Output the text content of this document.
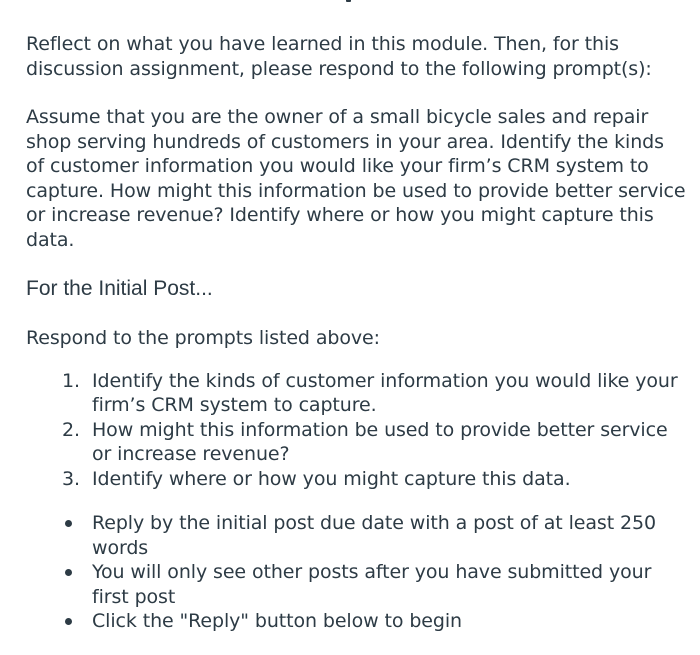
Reflect on what you have learned in this module. Then, for this discussion assignment, please respond to the following prompt(s):

Assume that you are the owner of a small bicycle sales and repair shop serving hundreds of customers in your area. Identify the kinds of customer information you would like your firm’s CRM system to capture. How might this information be used to provide better service or increase revenue? Identify where or how you might capture this data.

For the Initial Post...

Respond to the prompts listed above:

1. Identify the kinds of customer information you would like your firm’s CRM system to capture.
2. How might this information be used to provide better service or increase revenue?
3. Identify where or how you might capture this data.
Reply by the initial post due date with a post of at least 250 words
You will only see other posts after you have submitted your first post
Click the "Reply" button below to begin
